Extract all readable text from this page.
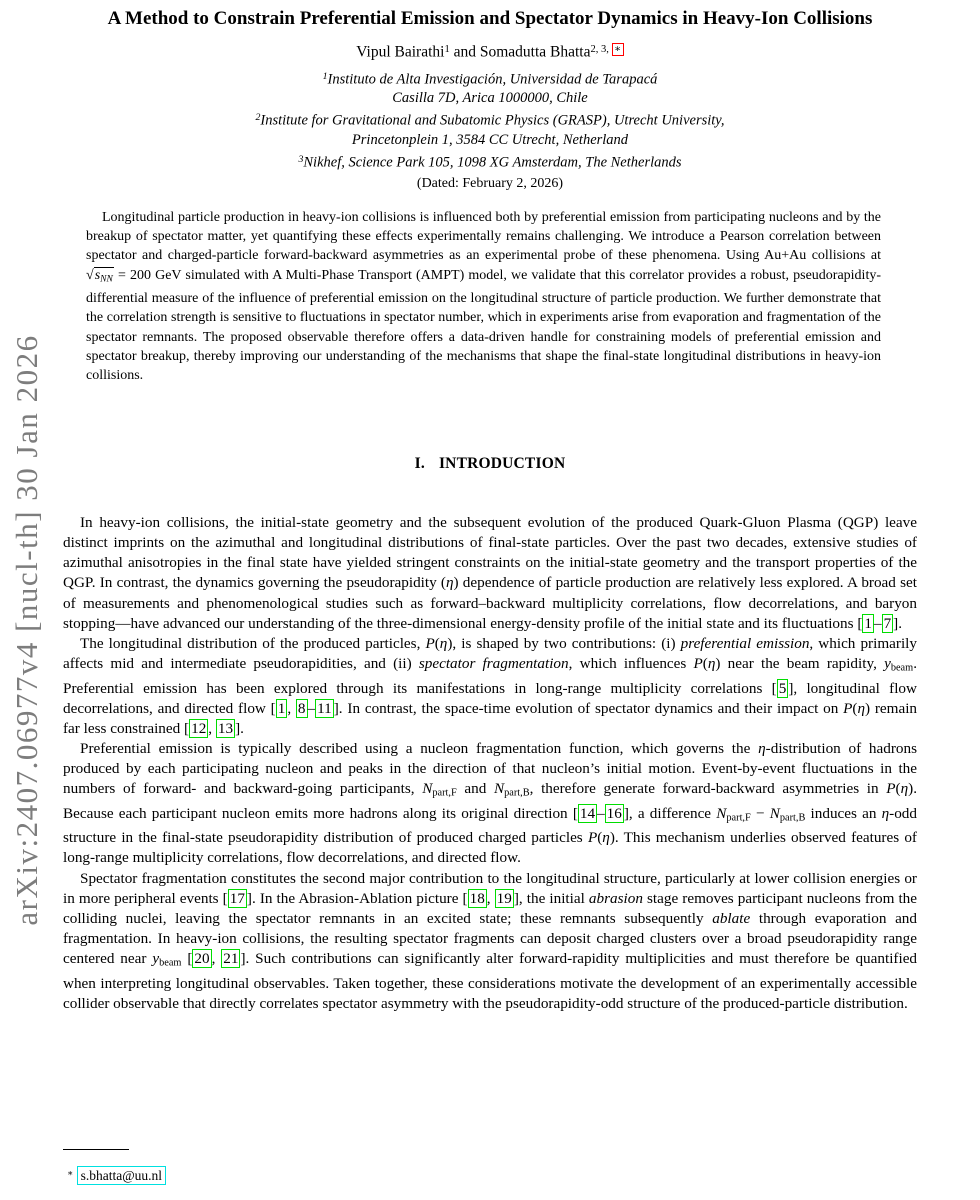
arXiv:2407.06977v4 [nucl-th] 30 Jan 2026
A Method to Constrain Preferential Emission and Spectator Dynamics in Heavy-Ion Collisions
Vipul Bairathi$^1$ and Somadutta Bhatta$^{2, 3,}$ ∗
$^1$Instituto de Alta Investigación, Universidad de Tarapacá
Casilla 7D, Arica 1000000, Chile
$^2$Institute for Gravitational and Subatomic Physics (GRASP), Utrecht University,
Princetonplein 1, 3584 CC Utrecht, Netherland
$^3$Nikhef, Science Park 105, 1098 XG Amsterdam, The Netherlands
(Dated: February 2, 2026)
Longitudinal particle production in heavy-ion collisions is influenced both by preferential emission from participating nucleons and by the breakup of spectator matter, yet quantifying these effects experimentally remains challenging. We introduce a Pearson correlation between spectator and charged-particle forward-backward asymmetries as an experimental probe of these phenomena. Using Au+Au collisions at √sNN = 200 GeV simulated with A Multi-Phase Transport (AMPT) model, we validate that this correlator provides a robust, pseudorapidity-differential measure of the influence of preferential emission on the longitudinal structure of particle production. We further demonstrate that the correlation strength is sensitive to fluctuations in spectator number, which in experiments arise from evaporation and fragmentation of the spectator remnants. The proposed observable therefore offers a data-driven handle for constraining models of preferential emission and spectator breakup, thereby improving our understanding of the mechanisms that shape the final-state longitudinal distributions in heavy-ion collisions.
I. INTRODUCTION

In heavy-ion collisions, the initial-state geometry and the subsequent evolution of the produced Quark-Gluon Plasma (QGP) leave distinct imprints on the azimuthal and longitudinal distributions of final-state particles. Over the past two decades, extensive studies of azimuthal anisotropies in the final state have yielded stringent constraints on the initial-state geometry and the transport properties of the QGP. In contrast, the dynamics governing the pseudorapidity (η) dependence of particle production are relatively less explored. A broad set of measurements and phenomenological studies such as forward–backward multiplicity correlations, flow decorrelations, and baryon stopping—have advanced our understanding of the three-dimensional energy-density profile of the initial state and its fluctuations [ 1 – 7 ].

The longitudinal distribution of the produced particles, P(η), is shaped by two contributions: (i) preferential emission, which primarily affects mid and intermediate pseudorapidities, and (ii) spectator fragmentation, which influences P(η) near the beam rapidity, ybeam. Preferential emission has been explored through its manifestations in long-range multiplicity correlations [ 5 ], longitudinal flow decorrelations, and directed flow [ 1 , 8 – 11 ]. In contrast, the space-time evolution of spectator dynamics and their impact on P(η) remain far less constrained [ 12 , 13 ].

Preferential emission is typically described using a nucleon fragmentation function, which governs the η-distribution of hadrons produced by each participating nucleon and peaks in the direction of that nucleon’s initial motion. Event-by-event fluctuations in the numbers of forward- and backward-going participants, Npart,F and Npart,B, therefore generate forward-backward asymmetries in P(η). Because each participant nucleon emits more hadrons along its original direction [ 14 – 16 ], a difference Npart,F − Npart,B induces an η-odd structure in the final-state pseudorapidity distribution of produced charged particles P(η). This mechanism underlies observed features of long-range multiplicity correlations, flow decorrelations, and directed flow.

Spectator fragmentation constitutes the second major contribution to the longitudinal structure, particularly at lower collision energies or in more peripheral events [ 17 ]. In the Abrasion-Ablation picture [ 18 , 19 ], the initial abrasion stage removes participant nucleons from the colliding nuclei, leaving the spectator remnants in an excited state; these remnants subsequently ablate through evaporation and fragmentation. In heavy-ion collisions, the resulting spectator fragments can deposit charged clusters over a broad pseudorapidity range centered near ybeam [ 20 , 21 ]. Such contributions can significantly alter forward-rapidity multiplicities and must therefore be quantified when interpreting longitudinal observables. Taken together, these considerations motivate the development of an experimentally accessible collider observable that directly correlates spectator asymmetry with the pseudorapidity-odd structure of the produced-particle distribution.

∗ s.bhatta@uu.nl
